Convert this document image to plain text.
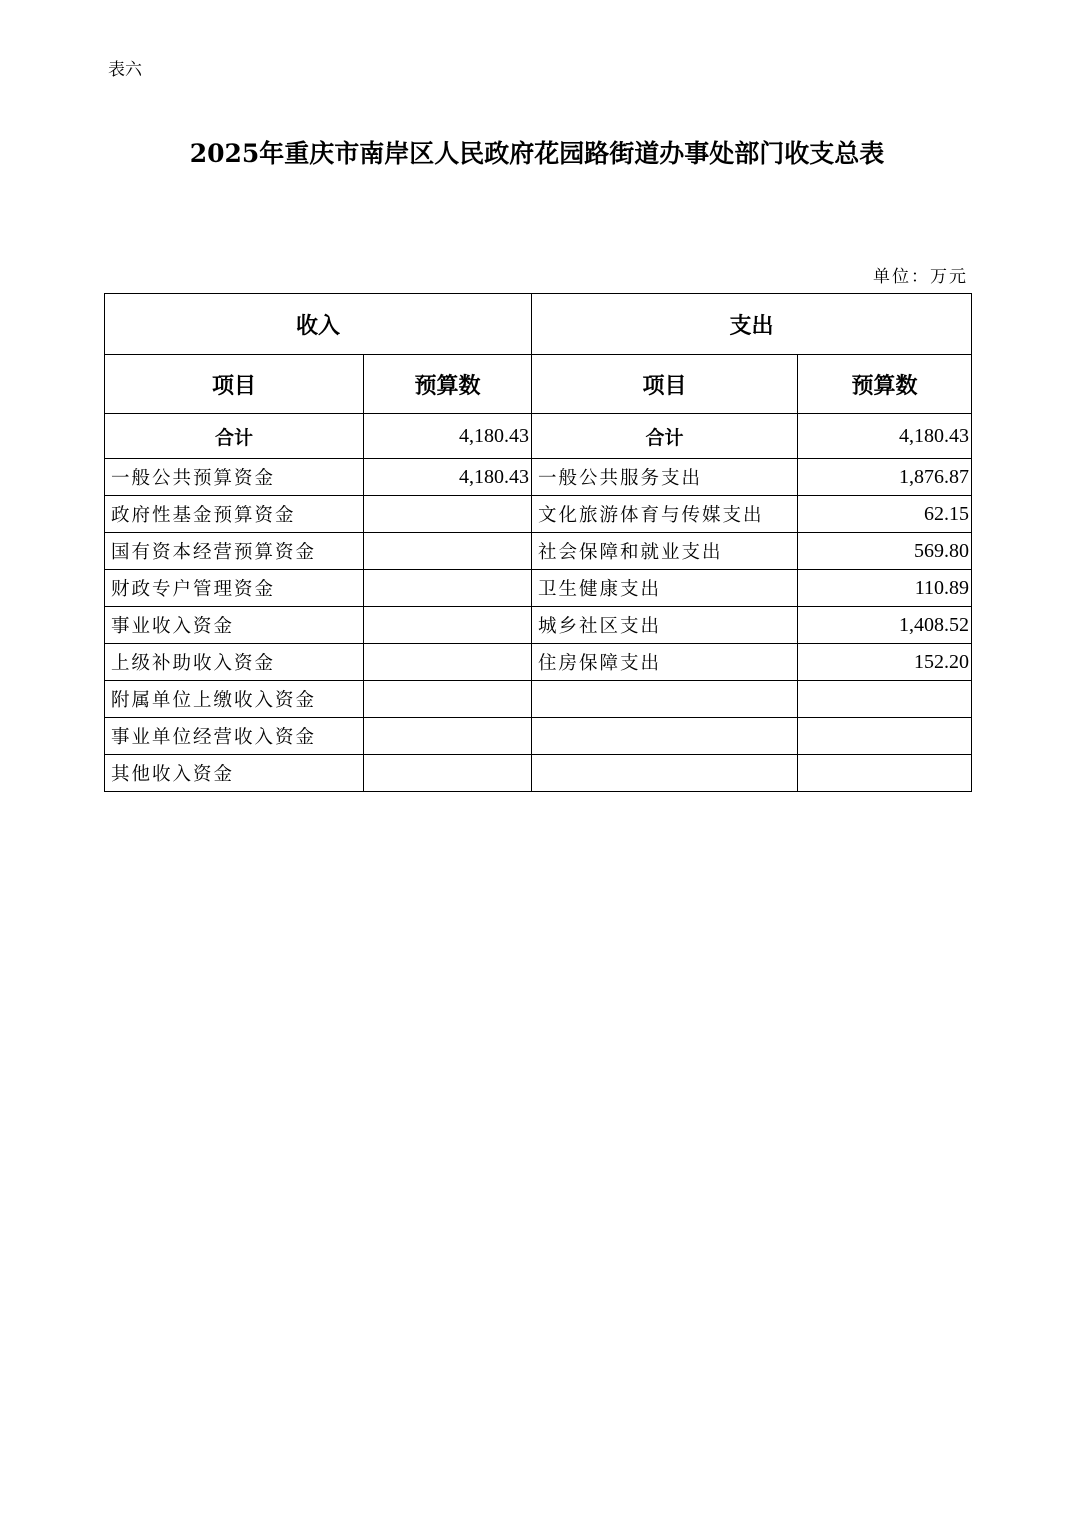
表六
2025年重庆市南岸区人民政府花园路街道办事处部门收支总表
单位：万元
收入		支出	
项目	预算数	项目	预算数
合计	4,180.43	合计	4,180.43
一般公共预算资金	4,180.43	一般公共服务支出	1,876.87
政府性基金预算资金		文化旅游体育与传媒支出	62.15
国有资本经营预算资金		社会保障和就业支出	569.80
财政专户管理资金		卫生健康支出	110.89
事业收入资金		城乡社区支出	1,408.52
上级补助收入资金		住房保障支出	152.20
附属单位上缴收入资金			
事业单位经营收入资金			
其他收入资金			
